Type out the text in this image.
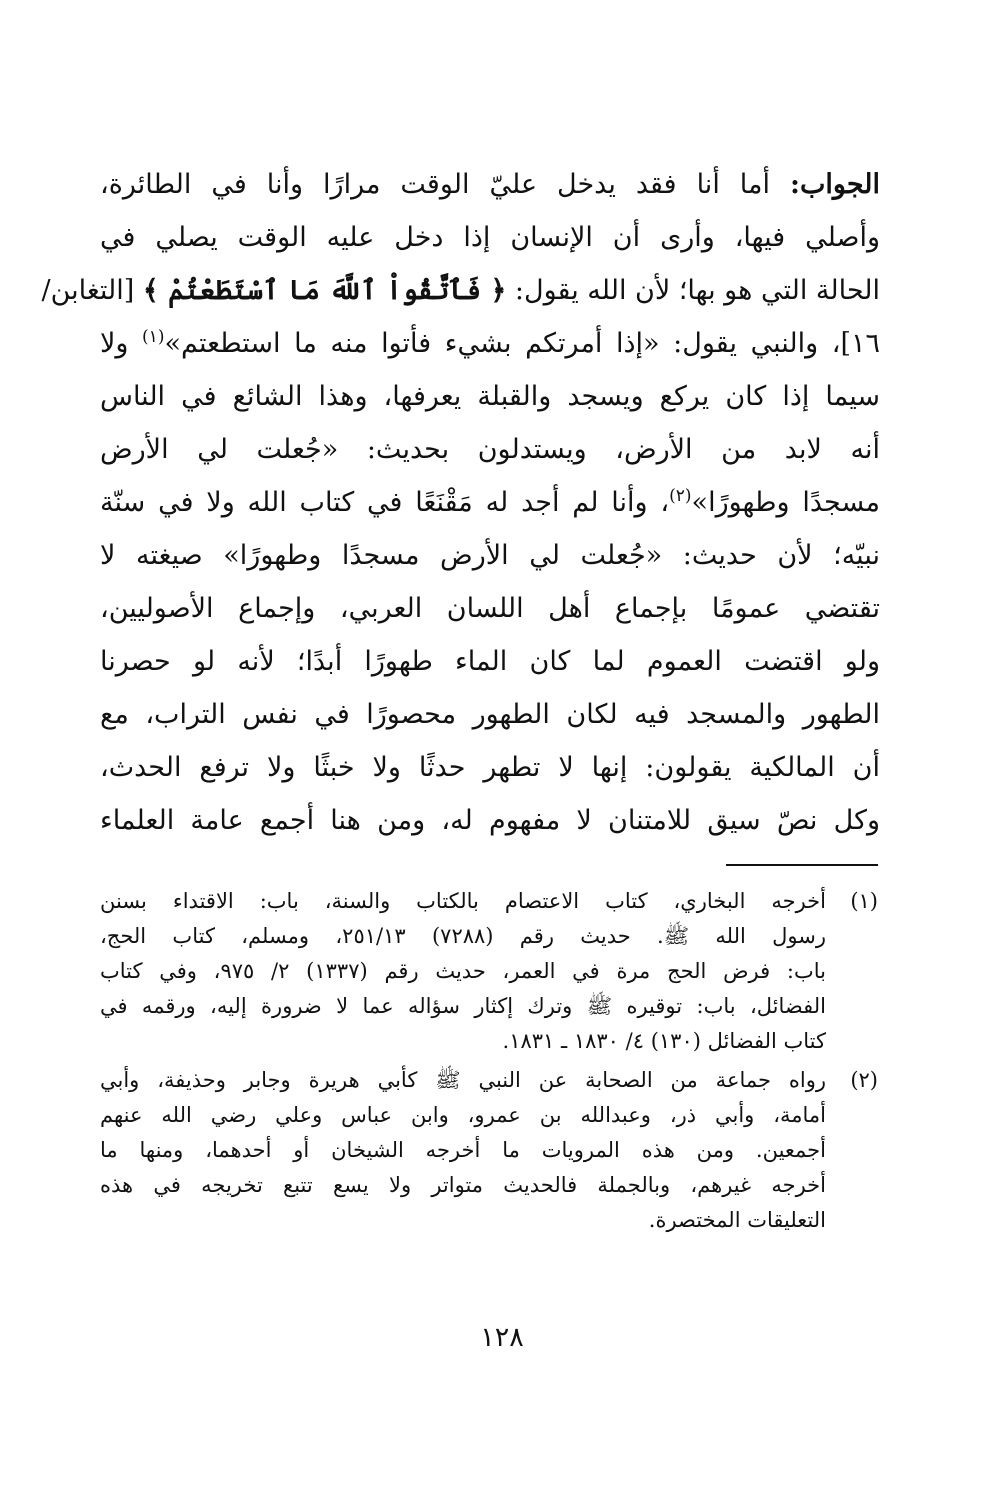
الجواب: أما أنا فقد يدخل عليّ الوقت مرارًا وأنا في الطائرة،
وأصلي فيها، وأرى أن الإنسان إذا دخل عليه الوقت يصلي في
الحالة التي هو بها؛ لأن الله يقول: ﴿ فَٱتَّقُواْ ٱللَّهَ مَا ٱسْتَطَعْتُمْ ﴾ [التغابن/
١٦]، والنبي يقول: «إذا أمرتكم بشيء فأتوا منه ما استطعتم»$^{(١)}$ ولا
سيما إذا كان يركع ويسجد والقبلة يعرفها، وهذا الشائع في الناس
أنه لابد من الأرض، ويستدلون بحديث: «جُعلت لي الأرض
مسجدًا وطهورًا»$^{(٢)}$، وأنا لم أجد له مَقْنَعًا في كتاب الله ولا في سنّة
نبيّه؛ لأن حديث: «جُعلت لي الأرض مسجدًا وطهورًا» صيغته لا
تقتضي عمومًا بإجماع أهل اللسان العربي، وإجماع الأصوليين،
ولو اقتضت العموم لما كان الماء طهورًا أبدًا؛ لأنه لو حصرنا
الطهور والمسجد فيه لكان الطهور محصورًا في نفس التراب، مع
أن المالكية يقولون: إنها لا تطهر حدثًا ولا خبثًا ولا ترفع الحدث،
وكل نصّ سيق للامتنان لا مفهوم له، ومن هنا أجمع عامة العلماء
(١)
أخرجه البخاري، كتاب الاعتصام بالكتاب والسنة، باب: الاقتداء بسنن
رسول الله ﷺ. حديث رقم (٧٢٨٨) ٢٥١/١٣، ومسلم، كتاب الحج،
باب: فرض الحج مرة في العمر، حديث رقم (١٣٣٧) ٢/ ٩٧٥، وفي كتاب
الفضائل، باب: توقيره ﷺ وترك إكثار سؤاله عما لا ضرورة إليه، ورقمه في
كتاب الفضائل (١٣٠) ٤/ ١٨٣٠ ـ ١٨٣١.
(٢)
رواه جماعة من الصحابة عن النبي ﷺ كأبي هريرة وجابر وحذيفة، وأبي
أمامة، وأبي ذر، وعبدالله بن عمرو، وابن عباس وعلي رضي الله عنهم
أجمعين. ومن هذه المرويات ما أخرجه الشيخان أو أحدهما، ومنها ما
أخرجه غيرهم، وبالجملة فالحديث متواتر ولا يسع تتبع تخريجه في هذه
التعليقات المختصرة.
١٢٨
